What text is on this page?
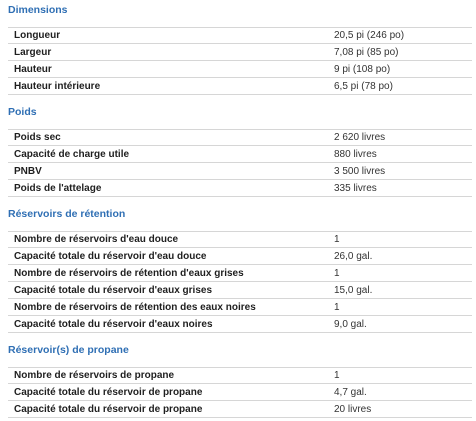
Dimensions
Longueur	20,5 pi (246 po)
Largeur	7,08 pi (85 po)
Hauteur	9 pi (108 po)
Hauteur intérieure	6,5 pi (78 po)
Poids
Poids sec	2 620 livres
Capacité de charge utile	880 livres
PNBV	3 500 livres
Poids de l'attelage	335 livres
Réservoirs de rétention
Nombre de réservoirs d'eau douce	1
Capacité totale du réservoir d'eau douce	26,0 gal.
Nombre de réservoirs de rétention d'eaux grises	1
Capacité totale du réservoir d'eaux grises	15,0 gal.
Nombre de réservoirs de rétention des eaux noires	1
Capacité totale du réservoir d'eaux noires	9,0 gal.
Réservoir(s) de propane
Nombre de réservoirs de propane	1
Capacité totale du réservoir de propane	4,7 gal.
Capacité totale du réservoir de propane	20 livres
